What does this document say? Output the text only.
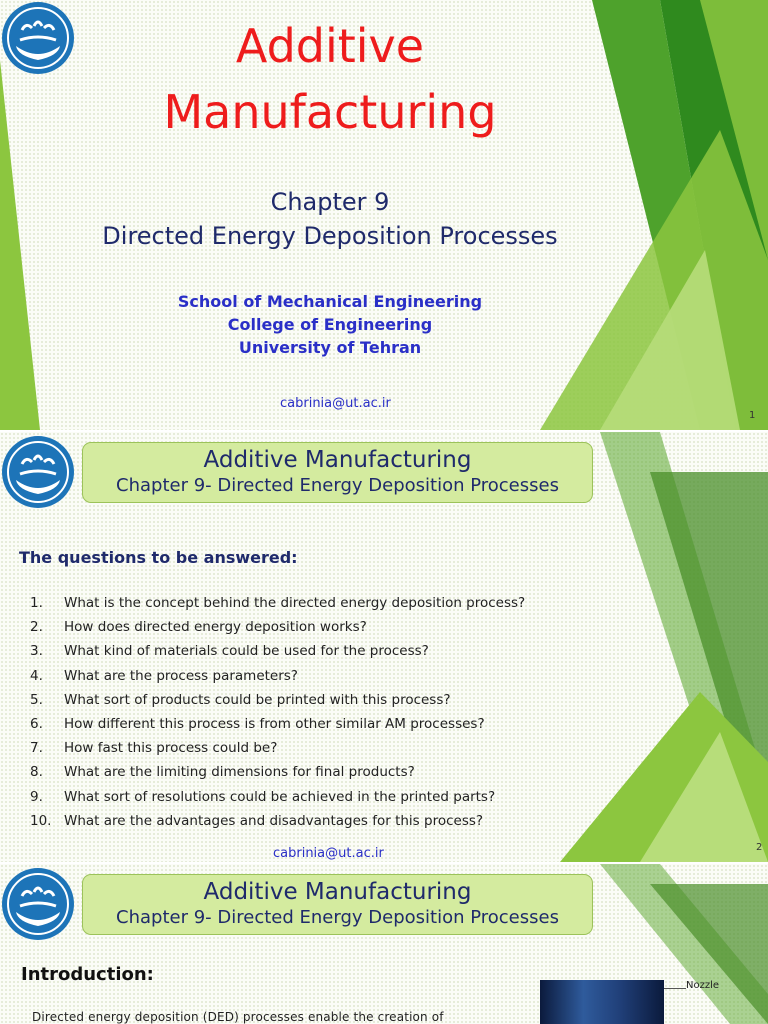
Additive
Manufacturing
Chapter 9
Directed Energy Deposition Processes
School of Mechanical Engineering
College of Engineering
University of Tehran
cabrinia@ut.ac.ir
1
Additive Manufacturing
Chapter 9- Directed Energy Deposition Processes
The questions to be answered:
1. What is the concept behind the directed energy deposition process?
2. How does directed energy deposition works?
3. What kind of materials could be used for the process?
4. What are the process parameters?
5. What sort of products could be printed with this process?
6. How different this process is from other similar AM processes?
7. How fast this process could be?
8. What are the limiting dimensions for final products?
9. What sort of resolutions could be achieved in the printed parts?
10. What are the advantages and disadvantages for this process?
cabrinia@ut.ac.ir	2
Additive Manufacturing
Chapter 9- Directed Energy Deposition Processes
Introduction:
Directed energy deposition (DED) processes enable the creation of
Nozzle
